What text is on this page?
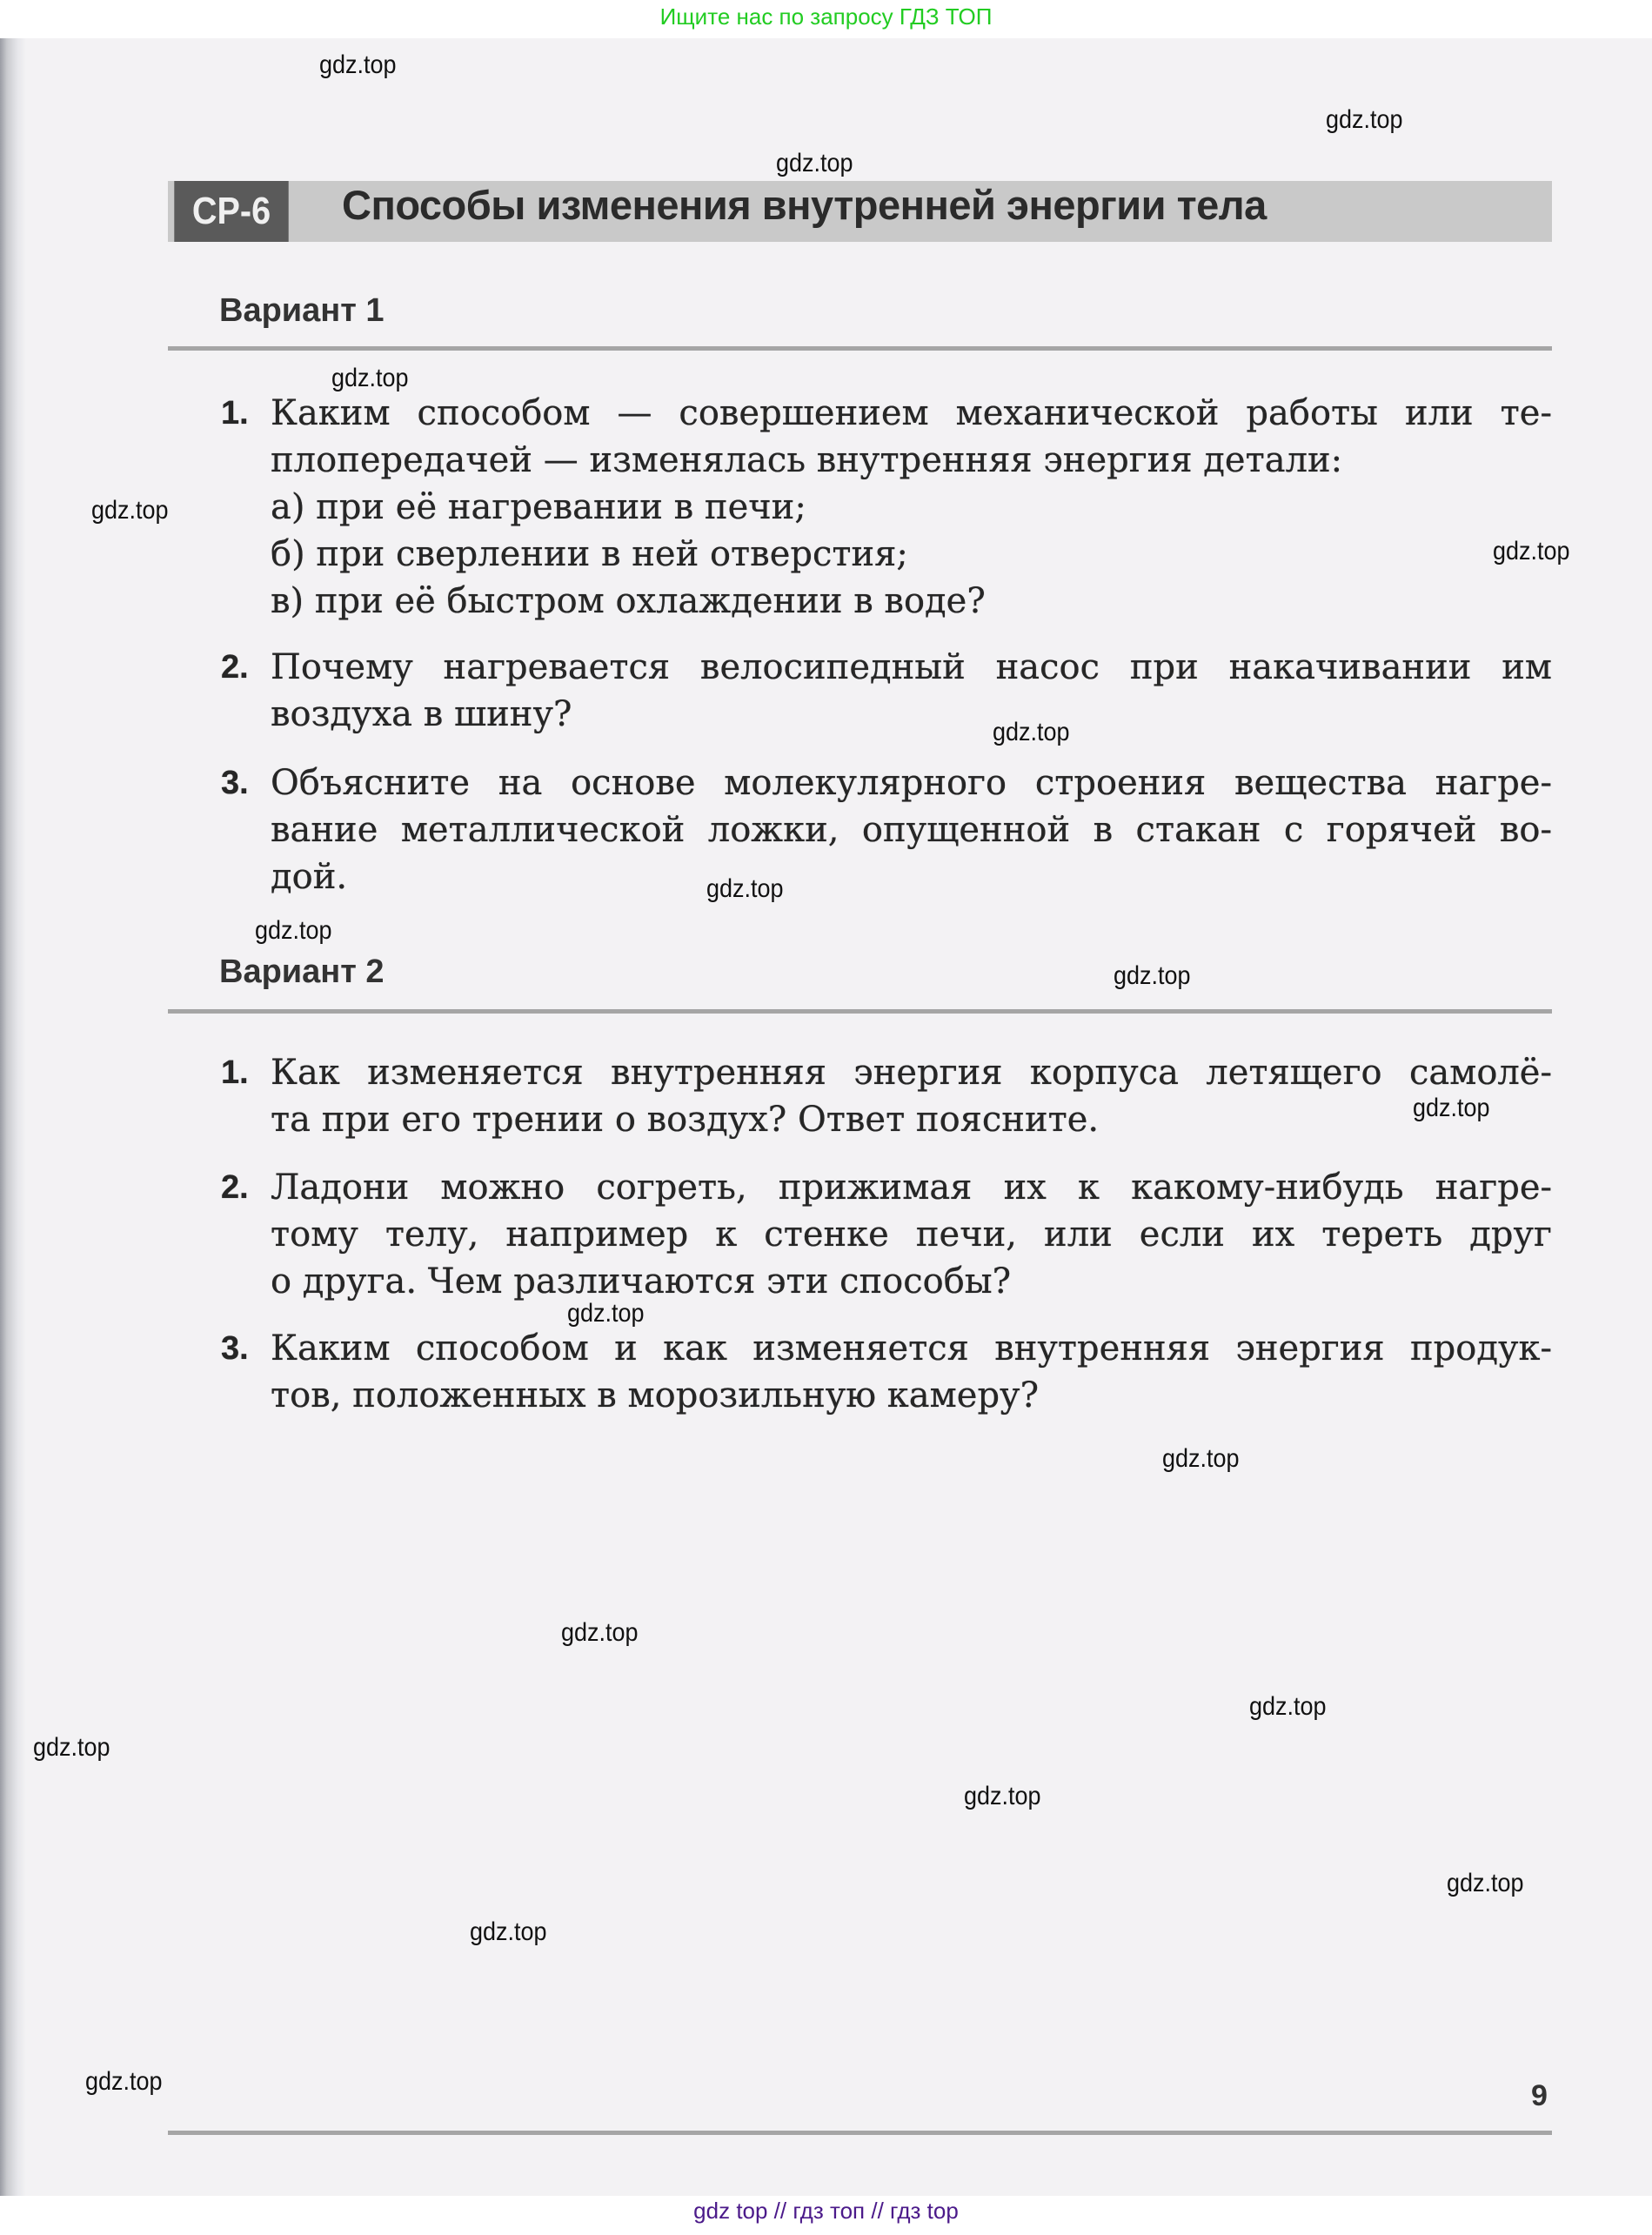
Ищите нас по запросу ГДЗ ТОП
СР-6	Способы изменения внутренней энергии тела
Вариант 1
1. Каким способом — совершением механической работы или те-
плопередачей — изменялась внутренняя энергия детали:
а) при её нагревании в печи;
б) при сверлении в ней отверстия;
в) при её быстром охлаждении в воде?
2. Почему нагревается велосипедный насос при накачивании им
воздуха в шину?
3. Объясните на основе молекулярного строения вещества нагре-
вание металлической ложки, опущенной в стакан с горячей во-
дой.
Вариант 2
1. Как изменяется внутренняя энергия корпуса летящего самолё-
та при его трении о воздух? Ответ поясните.
2. Ладони можно согреть, прижимая их к какому-нибудь нагре-
тому телу, например к стенке печи, или если их тереть друг
о друга. Чем различаются эти способы?
3. Каким способом и как изменяется внутренняя энергия продук-
тов, положенных в морозильную камеру?
9
gdz.top
gdz.top
gdz.top
gdz.top
gdz.top
gdz.top
gdz.top
gdz.top
gdz.top
gdz.top
gdz.top
gdz.top
gdz.top
gdz.top
gdz.top
gdz.top
gdz.top
gdz.top
gdz.top
gdz.top
gdz top // гдз топ // гдз top
